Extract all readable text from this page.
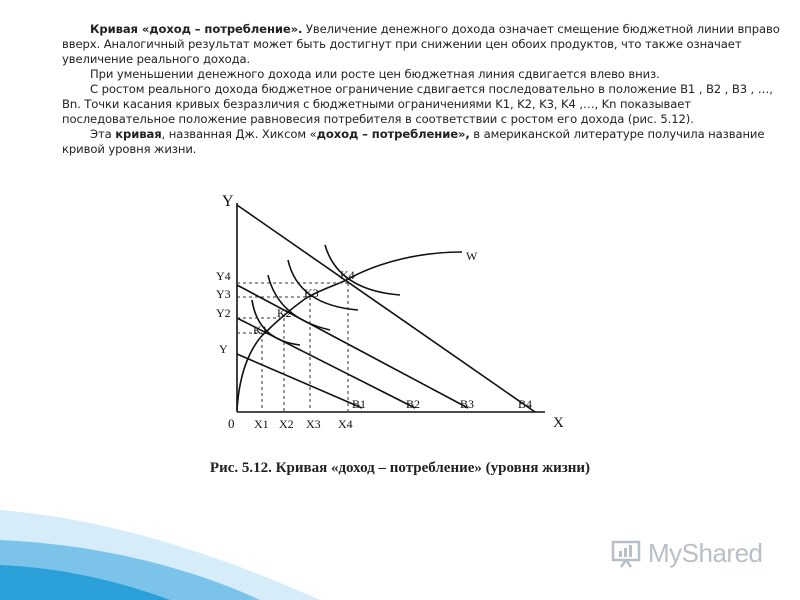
Кривая «доход – потребление». Увеличение денежного дохода означает смещение бюджетной линии вправо вверх. Аналогичный результат может быть достигнут при снижении цен обоих продуктов, что также означает увеличение реального дохода.

При уменьшении денежного дохода или росте цен бюджетная линия сдвигается влево вниз.

С ростом реального дохода бюджетное ограничение сдвигается последовательно в положение B1 , B2 , B3 , …, Bn. Точки касания кривых безразличия с бюджетными ограничениями K1, K2, K3, K4 ,…, Kn показывает последовательное положение равновесия потребителя в соответствии с ростом его дохода (рис. 5.12).

Эта кривая, названная Дж. Хиксом «доход – потребление», в американской литературе получила название кривой уровня жизни.

Y
X
0
W
Y4
Y3
Y2
Y
X1 X2 X3 X4
B1	B2	B3	B4
K1
K2
K3
K4
Рис. 5.12. Кривая «доход – потребление» (уровня жизни)
MyShared
